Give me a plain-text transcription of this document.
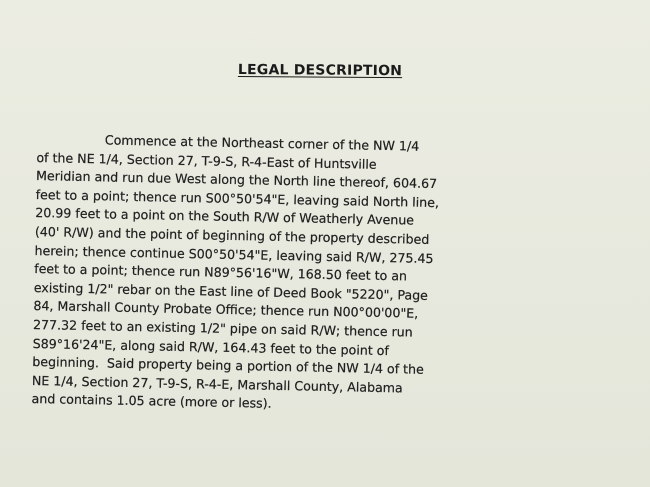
LEGAL DESCRIPTION
Commence at the Northeast corner of the NW 1/4
of the NE 1/4, Section 27, T-9-S, R-4-East of Huntsville
Meridian and run due West along the North line thereof, 604.67
feet to a point; thence run S00°50'54"E, leaving said North line,
20.99 feet to a point on the South R/W of Weatherly Avenue
(40' R/W) and the point of beginning of the property described
herein; thence continue S00°50'54"E, leaving said R/W, 275.45
feet to a point; thence run N89°56'16"W, 168.50 feet to an
existing 1/2" rebar on the East line of Deed Book "5220", Page
84, Marshall County Probate Office; thence run N00°00'00"E,
277.32 feet to an existing 1/2" pipe on said R/W; thence run
S89°16'24"E, along said R/W, 164.43 feet to the point of
beginning.  Said property being a portion of the NW 1/4 of the
NE 1/4, Section 27, T-9-S, R-4-E, Marshall County, Alabama
and contains 1.05 acre (more or less).
